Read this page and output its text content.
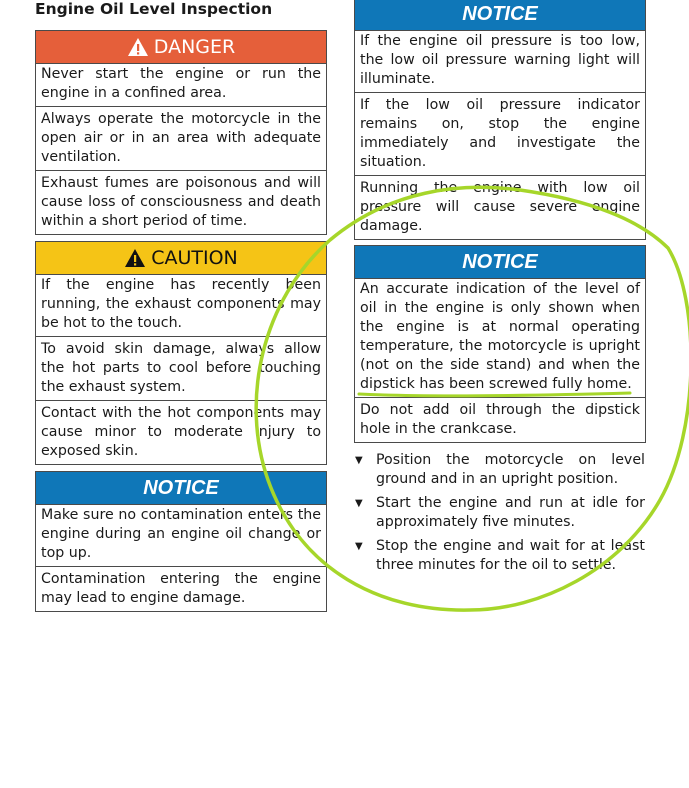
Engine Oil Level Inspection
DANGER
Never start the engine or run the engine in a confined area.
Always operate the motorcycle in the open air or in an area with adequate ventilation.
Exhaust fumes are poisonous and will cause loss of consciousness and death within a short period of time.
CAUTION
If the engine has recently been running, the exhaust components may be hot to the touch.
To avoid skin damage, always allow the hot parts to cool before touching the exhaust system.
Contact with the hot components may cause minor to moderate injury to exposed skin.
NOTICE
Make sure no contamination enters the engine during an engine oil change or top up.
Contamination entering the engine may lead to engine damage.
NOTICE
If the engine oil pressure is too low, the low oil pressure warning light will illuminate.
If the low oil pressure indicator remains on, stop the engine immediately and investigate the situation.
Running the engine with low oil pressure will cause severe engine damage.
NOTICE
An accurate indication of the level of oil in the engine is only shown when the engine is at normal operating temperature, the motorcycle is upright (not on the side stand) and when the dipstick has been screwed fully home.
Do not add oil through the dipstick hole in the crankcase.
▼ Position the motorcycle on level ground and in an upright position.
▼ Start the engine and run at idle for approximately five minutes.
▼ Stop the engine and wait for at least three minutes for the oil to settle.
